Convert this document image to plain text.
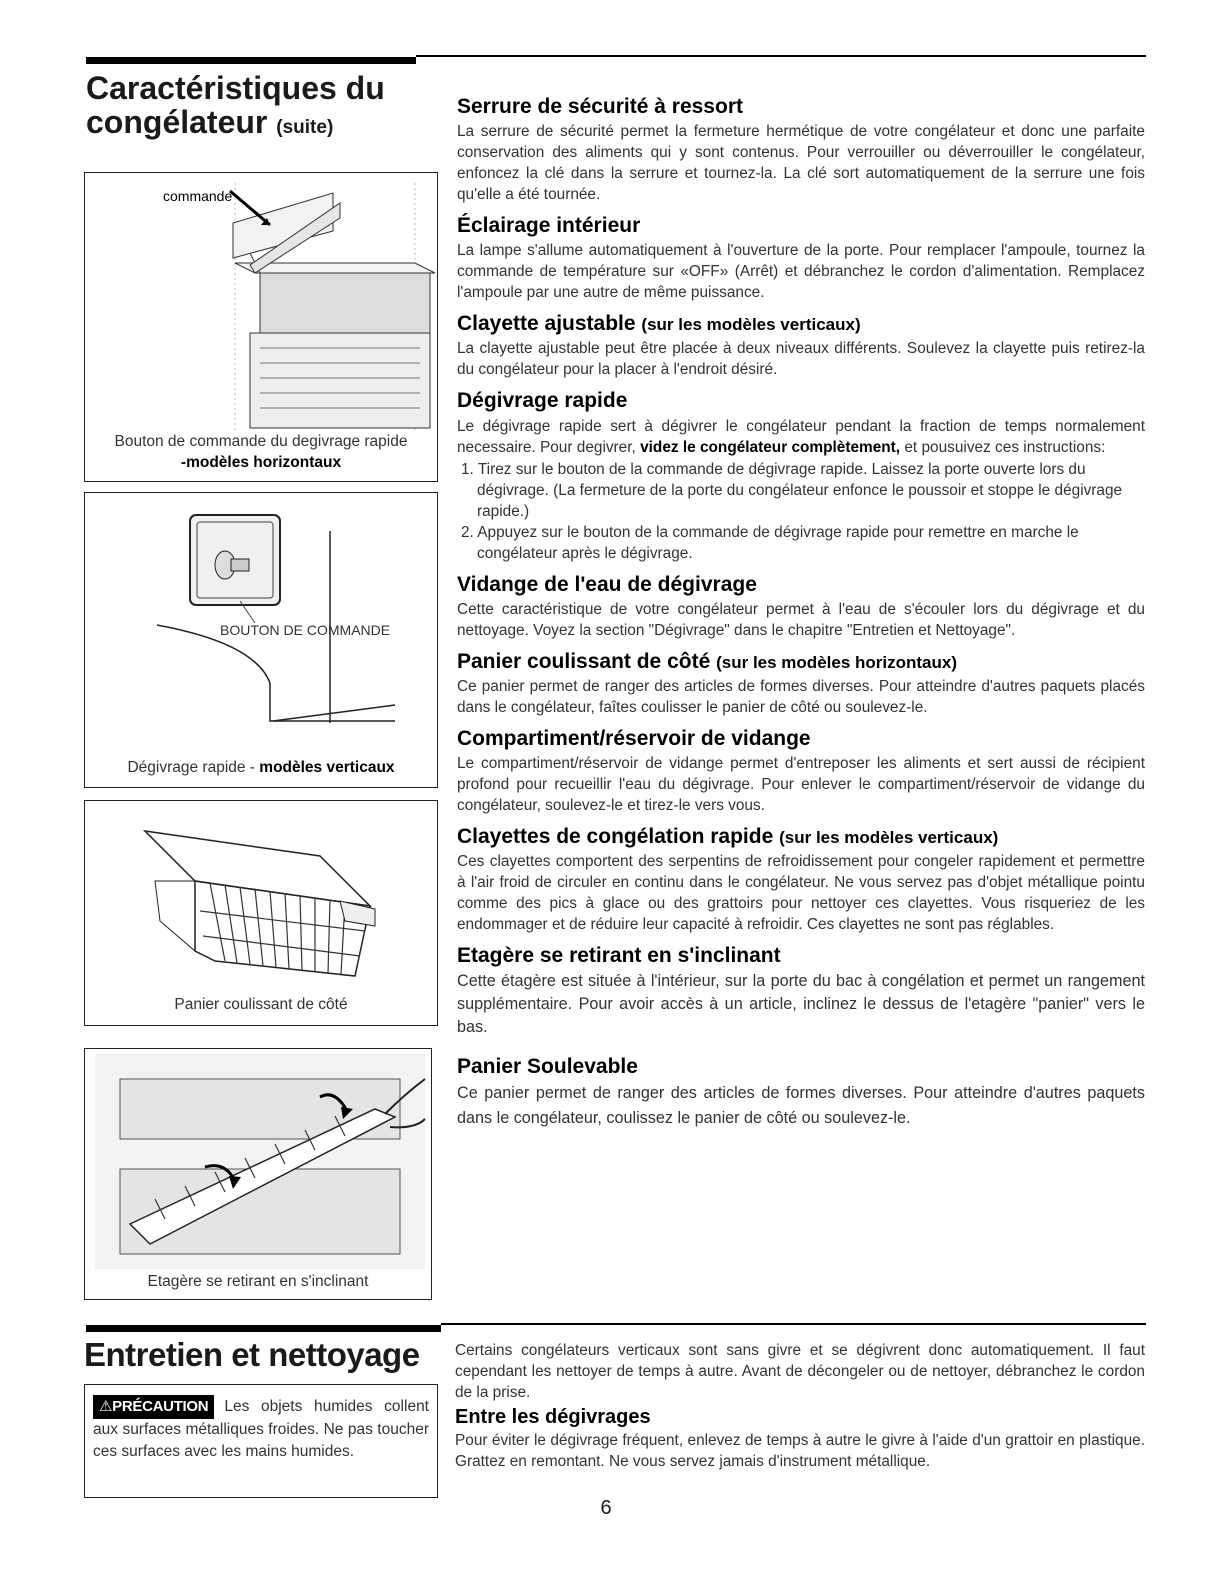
Caractéristiques du congélateur (suite)
commande
Bouton de commande du degivrage rapide
-modèles horizontaux
BOUTON DE COMMANDE
Dégivrage rapide - modèles verticaux
Panier coulissant de côté
Etagère se retirant en s'inclinant
Serrure de sécurité à ressort

La serrure de sécurité permet la fermeture hermétique de votre congélateur et donc une parfaite conservation des aliments qui y sont contenus. Pour verrouiller ou déverrouiller le congélateur, enfoncez la clé dans la serrure et tournez-la. La clé sort automatiquement de la serrure une fois qu'elle a été tournée.

Éclairage intérieur

La lampe s'allume automatiquement à l'ouverture de la porte. Pour remplacer l'ampoule, tournez la commande de température sur «OFF» (Arrêt) et débranchez le cordon d'alimentation. Remplacez l'ampoule par une autre de même puissance.

Clayette ajustable (sur les modèles verticaux)

La clayette ajustable peut être placée à deux niveaux différents. Soulevez la clayette puis retirez-la du congélateur pour la placer à l'endroit désiré.

Dégivrage rapide

Le dégivrage rapide sert à dégivrer le congélateur pendant la fraction de temps normalement necessaire. Pour degivrer, videz le congélateur complètement, et pousuivez ces instructions:

1. Tirez sur le bouton de la commande de dégivrage rapide. Laissez la porte ouverte lors du dégivrage. (La fermeture de la porte du congélateur enfonce le poussoir et stoppe le dégivrage rapide.)
2. Appuyez sur le bouton de la commande de dégivrage rapide pour remettre en marche le congélateur après le dégivrage.
Vidange de l'eau de dégivrage

Cette caractéristique de votre congélateur permet à l'eau de s'écouler lors du dégivrage et du nettoyage. Voyez la section "Dégivrage" dans le chapitre "Entretien et Nettoyage".

Panier coulissant de côté (sur les modèles horizontaux)

Ce panier permet de ranger des articles de formes diverses. Pour atteindre d'autres paquets placés dans le congélateur, faîtes coulisser le panier de côté ou soulevez-le.

Compartiment/réservoir de vidange

Le compartiment/réservoir de vidange permet d'entreposer les aliments et sert aussi de récipient profond pour recueillir l'eau du dégivrage. Pour enlever le compartiment/réservoir de vidange du congélateur, soulevez-le et tirez-le vers vous.

Clayettes de congélation rapide (sur les modèles verticaux)

Ces clayettes comportent des serpentins de refroidissement pour congeler rapidement et permettre à l'air froid de circuler en continu dans le congélateur. Ne vous servez pas d'objet métallique pointu comme des pics à glace ou des grattoirs pour nettoyer ces clayettes. Vous risqueriez de les endommager et de réduire leur capacité à refroidir. Ces clayettes ne sont pas réglables.

Etagère se retirant en s'inclinant

Cette étagère est située à l'intérieur, sur la porte du bac à congélation et permet un rangement supplémentaire. Pour avoir accès à un article, inclinez le dessus de l'etagère "panier" vers le bas.

Panier Soulevable

Ce panier permet de ranger des articles de formes diverses. Pour atteindre d'autres paquets dans le congélateur, coulissez le panier de côté ou soulevez-le.

Entretien et nettoyage
⚠PRÉCAUTION Les objets humides collent aux surfaces métalliques froides. Ne pas toucher ces surfaces avec les mains humides.

Certains congélateurs verticaux sont sans givre et se dégivrent donc automatiquement. Il faut cependant les nettoyer de temps à autre. Avant de décongeler ou de nettoyer, débranchez le cordon de la prise.

Entre les dégivrages

Pour éviter le dégivrage fréquent, enlevez de temps à autre le givre à l'aide d'un grattoir en plastique. Grattez en remontant. Ne vous servez jamais d'instrument métallique.

6
